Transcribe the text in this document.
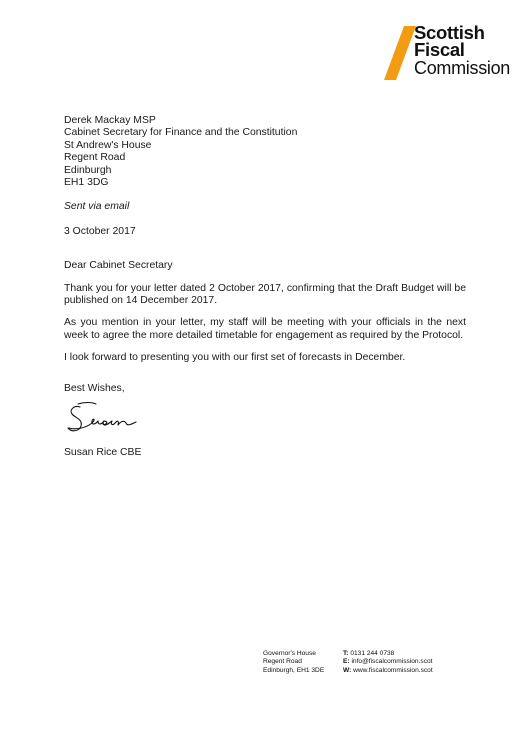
Scottish
Fiscal
Commission
Derek Mackay MSP
Cabinet Secretary for Finance and the Constitution
St Andrew's House
Regent Road
Edinburgh
EH1 3DG
Sent via email
3 October 2017
Dear Cabinet Secretary
Thank you for your letter dated 2 October 2017, confirming that the Draft Budget will be published on 14 December 2017.
As you mention in your letter, my staff will be meeting with your officials in the next week to agree the more detailed timetable for engagement as required by the Protocol.
I look forward to presenting you with our first set of forecasts in December.
Best Wishes,
Susan Rice CBE
Governor's House
Regent Road
Edinburgh, EH1 3DE
T: 0131 244 0738
E: info@fiscalcommission.scot
W: www.fiscalcommission.scot
